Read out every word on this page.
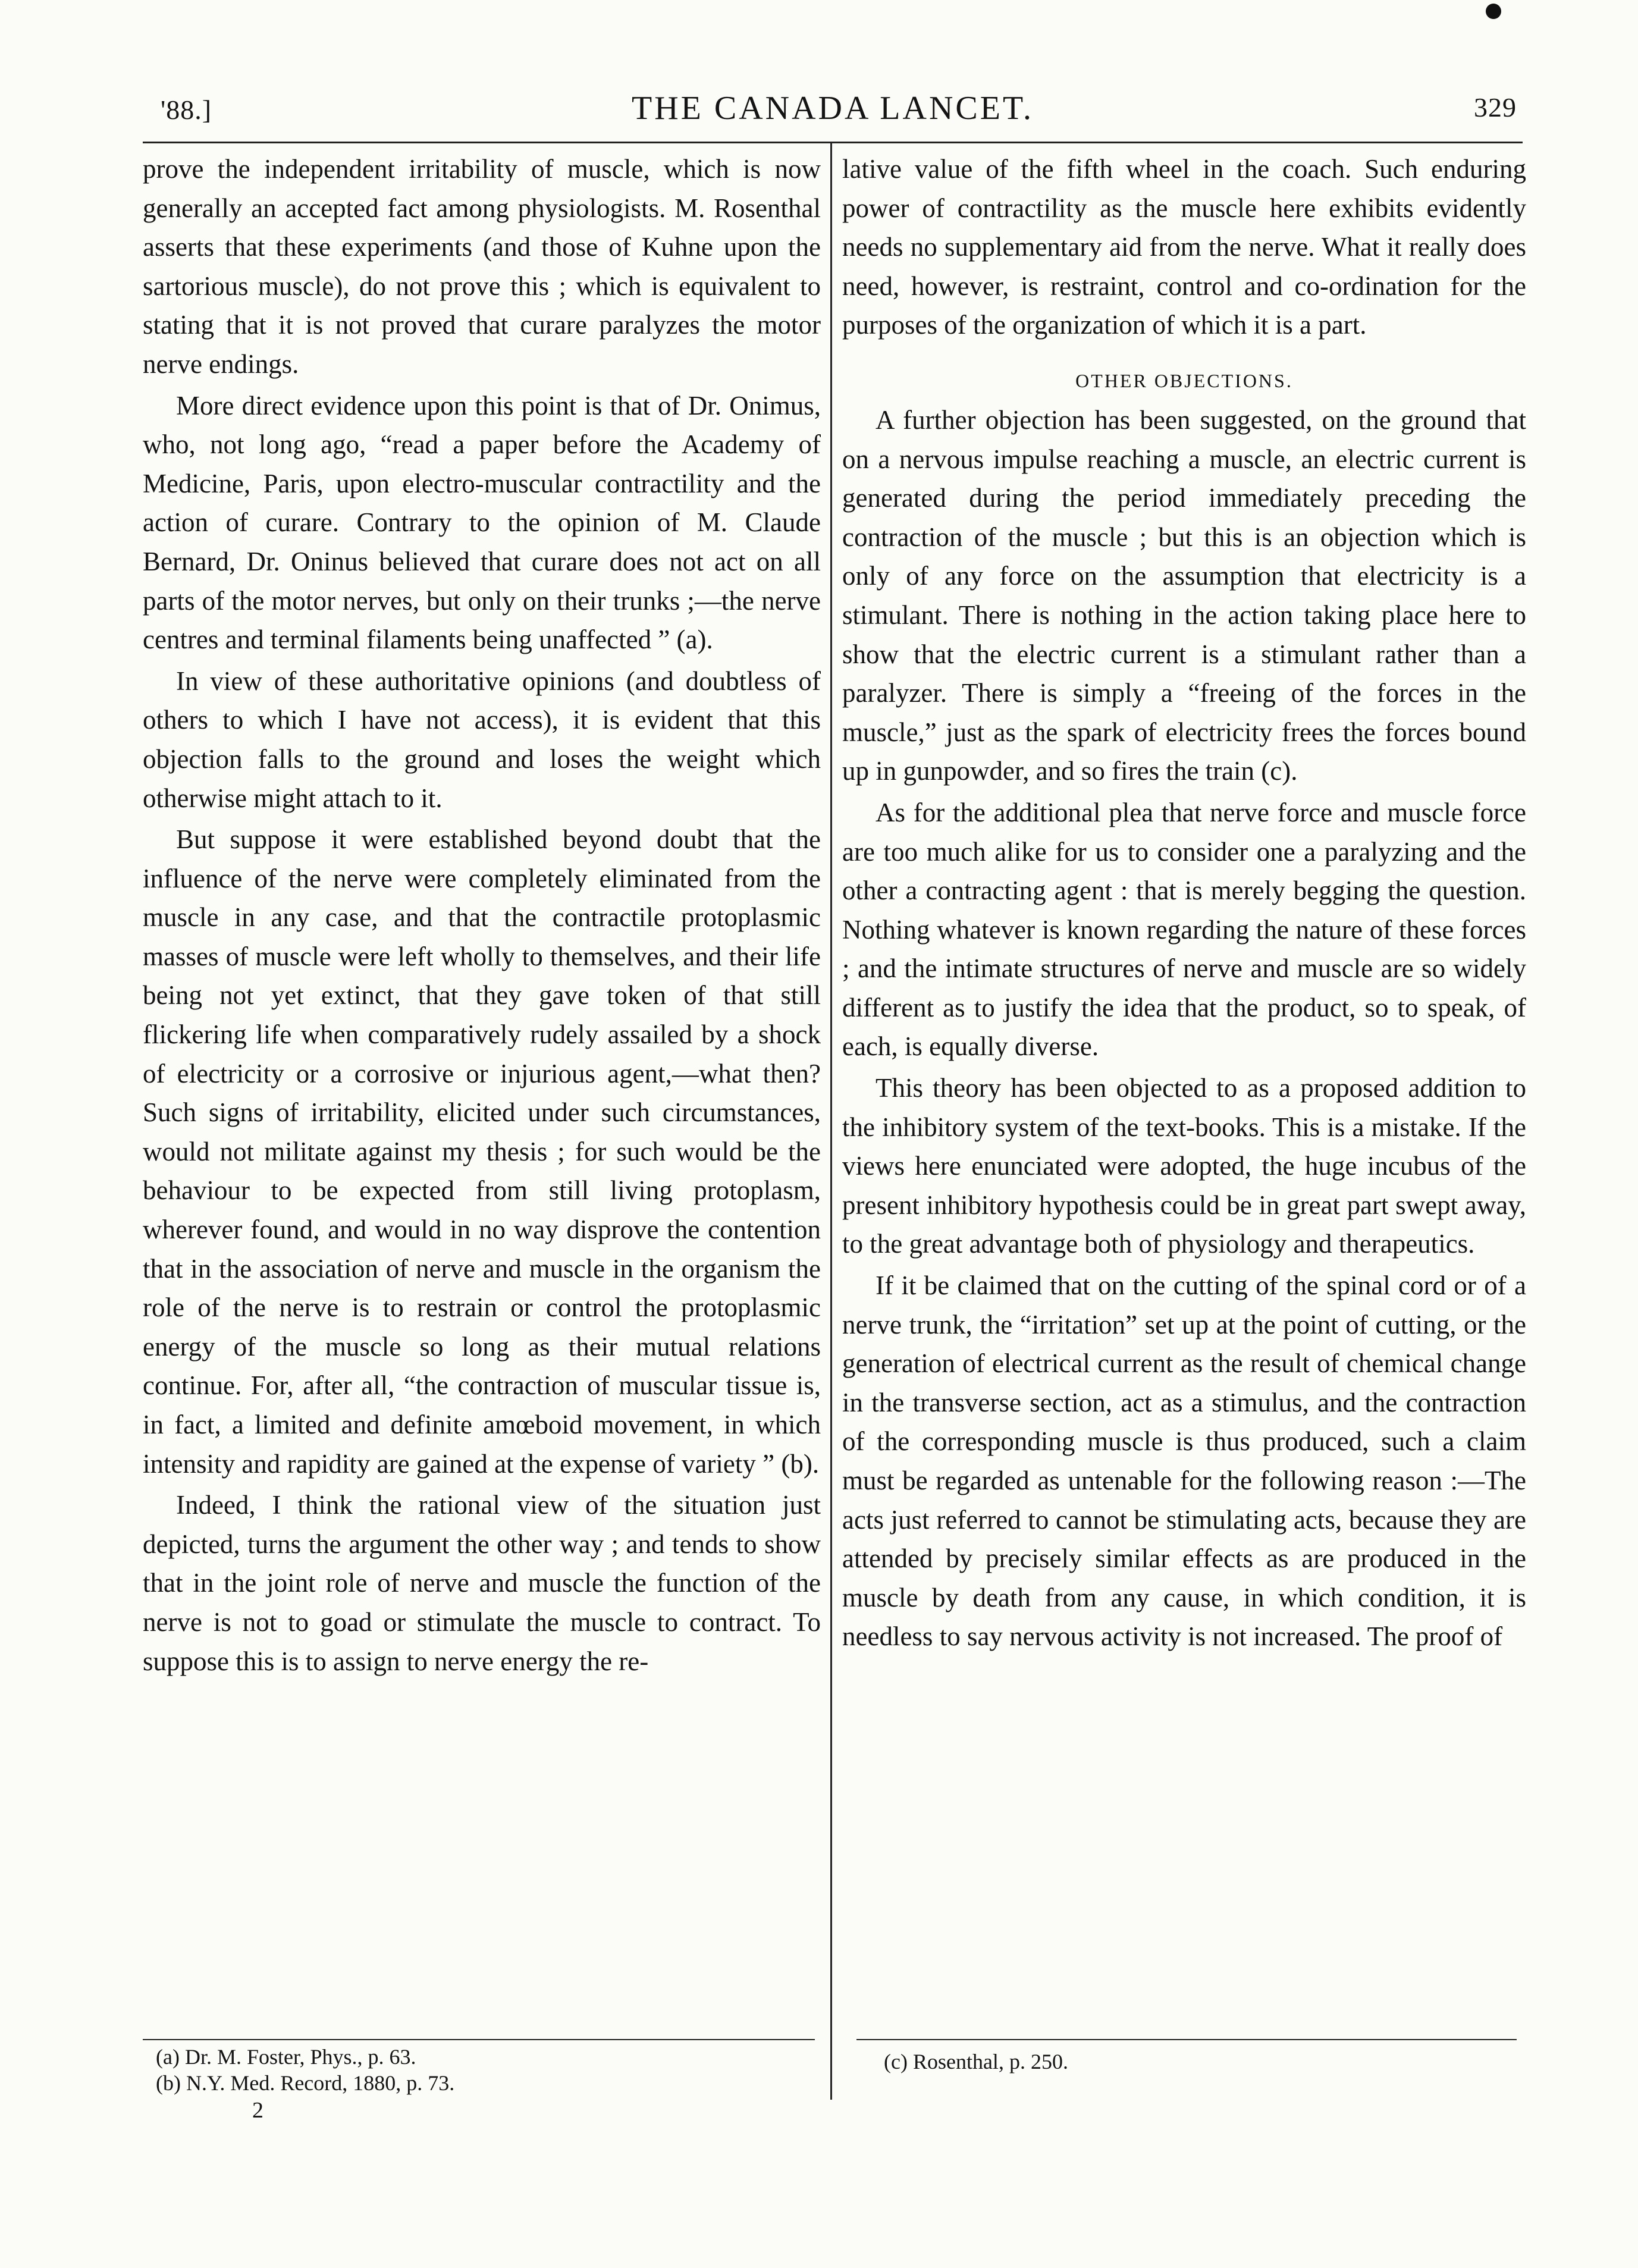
'88.]	THE CANADA LANCET.	329

prove the independent irritability of muscle, which is now generally an accepted fact among physiologists. M. Rosenthal asserts that these experiments (and those of Kuhne upon the sartorious muscle), do not prove this ; which is equivalent to stating that it is not proved that curare paralyzes the motor nerve endings.

More direct evidence upon this point is that of Dr. Onimus, who, not long ago, “read a paper before the Academy of Medicine, Paris, upon electro-muscular contractility and the action of curare. Contrary to the opinion of M. Claude Bernard, Dr. Oninus believed that curare does not act on all parts of the motor nerves, but only on their trunks ;—the nerve centres and terminal filaments being unaffected ” (a).

In view of these authoritative opinions (and doubtless of others to which I have not access), it is evident that this objection falls to the ground and loses the weight which otherwise might attach to it.

But suppose it were established beyond doubt that the influence of the nerve were completely eliminated from the muscle in any case, and that the contractile protoplasmic masses of muscle were left wholly to themselves, and their life being not yet extinct, that they gave token of that still flickering life when comparatively rudely assailed by a shock of electricity or a corrosive or injurious agent,—what then? Such signs of irritability, elicited under such circumstances, would not militate against my thesis ; for such would be the behaviour to be expected from still living protoplasm, wherever found, and would in no way disprove the contention that in the association of nerve and muscle in the organism the role of the nerve is to restrain or control the protoplasmic energy of the muscle so long as their mutual relations continue. For, after all, “the contraction of muscular tissue is, in fact, a limited and definite amœboid movement, in which intensity and rapidity are gained at the expense of variety ” (b).

Indeed, I think the rational view of the situation just depicted, turns the argument the other way ; and tends to show that in the joint role of nerve and muscle the function of the nerve is not to goad or stimulate the muscle to contract. To suppose this is to assign to nerve energy the re-

lative value of the fifth wheel in the coach. Such enduring power of contractility as the muscle here exhibits evidently needs no supplementary aid from the nerve. What it really does need, however, is restraint, control and co-ordination for the purposes of the organization of which it is a part.

OTHER OBJECTIONS.

A further objection has been suggested, on the ground that on a nervous impulse reaching a muscle, an electric current is generated during the period immediately preceding the contraction of the muscle ; but this is an objection which is only of any force on the assumption that electricity is a stimulant. There is nothing in the action taking place here to show that the electric current is a stimulant rather than a paralyzer. There is simply a “freeing of the forces in the muscle,” just as the spark of electricity frees the forces bound up in gunpowder, and so fires the train (c).

As for the additional plea that nerve force and muscle force are too much alike for us to consider one a paralyzing and the other a contracting agent : that is merely begging the question. Nothing whatever is known regarding the nature of these forces ; and the intimate structures of nerve and muscle are so widely different as to justify the idea that the product, so to speak, of each, is equally diverse.

This theory has been objected to as a proposed addition to the inhibitory system of the text-books. This is a mistake. If the views here enunciated were adopted, the huge incubus of the present inhibitory hypothesis could be in great part swept away, to the great advantage both of physiology and therapeutics.

If it be claimed that on the cutting of the spinal cord or of a nerve trunk, the “irritation” set up at the point of cutting, or the generation of electrical current as the result of chemical change in the transverse section, act as a stimulus, and the contraction of the corresponding muscle is thus produced, such a claim must be regarded as untenable for the following reason :—The acts just referred to cannot be stimulating acts, because they are attended by precisely similar effects as are produced in the muscle by death from any cause, in which condition, it is needless to say nervous activity is not increased. The proof of

(a) Dr. M. Foster, Phys., p. 63.

(b) N.Y. Med. Record, 1880, p. 73.

2

(c) Rosenthal, p. 250.
